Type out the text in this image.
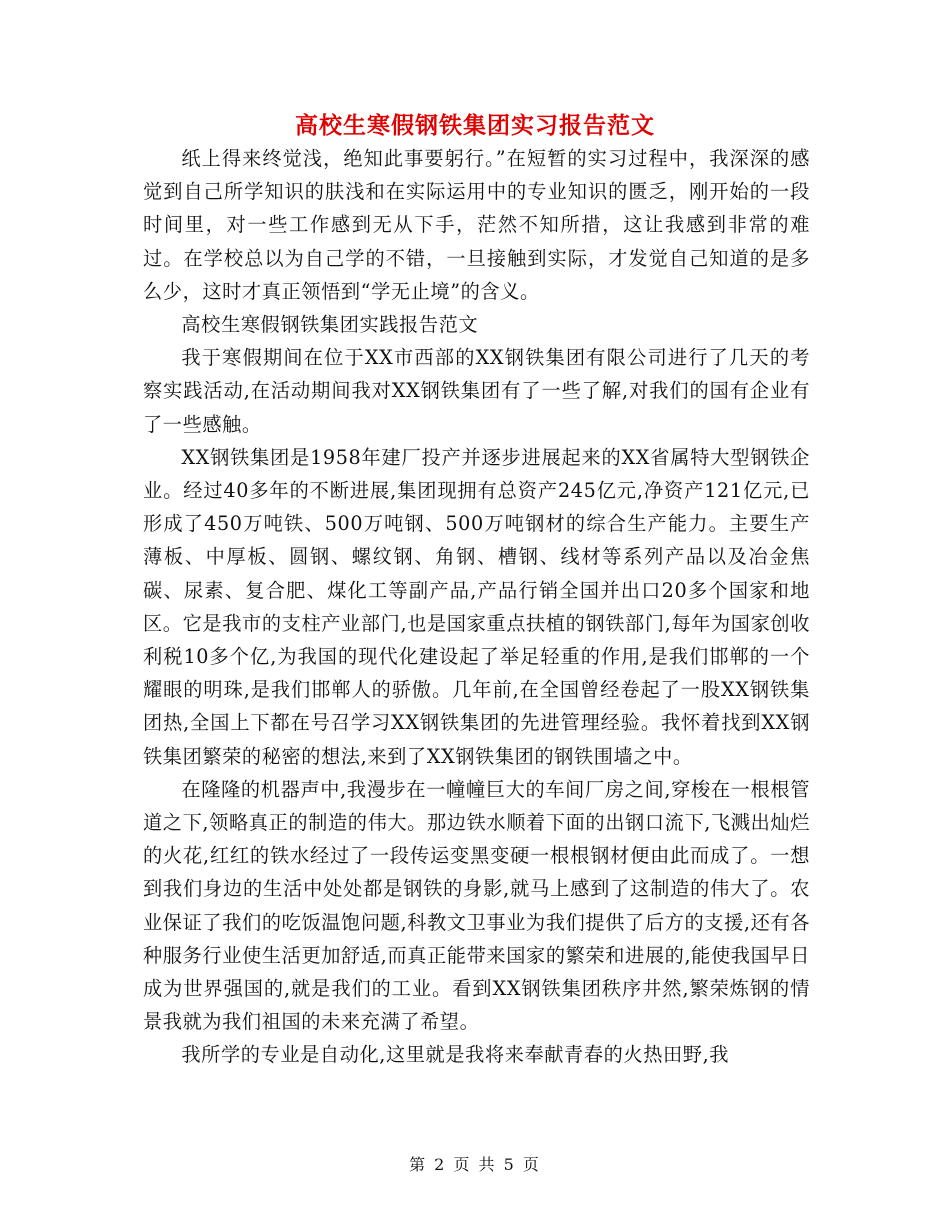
高校生寒假钢铁集团实习报告范文

纸上得来终觉浅，绝知此事要躬行。”在短暂的实习过程中，我深深的感觉到自己所学知识的肤浅和在实际运用中的专业知识的匮乏，刚开始的一段时间里，对一些工作感到无从下手，茫然不知所措，这让我感到非常的难过。在学校总以为自己学的不错，一旦接触到实际，才发觉自己知道的是多么少，这时才真正领悟到“学无止境”的含义。

高校生寒假钢铁集团实践报告范文

我于寒假期间在位于XX市西部的XX钢铁集团有限公司进行了几天的考察实践活动,在活动期间我对XX钢铁集团有了一些了解,对我们的国有企业有了一些感触。

XX钢铁集团是1958年建厂投产并逐步进展起来的XX省属特大型钢铁企业。经过40多年的不断进展,集团现拥有总资产245亿元,净资产121亿元,已形成了450万吨铁、500万吨钢、500万吨钢材的综合生产能力。主要生产薄板、中厚板、圆钢、螺纹钢、角钢、槽钢、线材等系列产品以及冶金焦碳、尿素、复合肥、煤化工等副产品,产品行销全国并出口20多个国家和地区。它是我市的支柱产业部门,也是国家重点扶植的钢铁部门,每年为国家创收利税10多个亿,为我国的现代化建设起了举足轻重的作用,是我们邯郸的一个耀眼的明珠,是我们邯郸人的骄傲。几年前,在全国曾经卷起了一股XX钢铁集团热,全国上下都在号召学习XX钢铁集团的先进管理经验。我怀着找到XX钢铁集团繁荣的秘密的想法,来到了XX钢铁集团的钢铁围墙之中。

在隆隆的机器声中,我漫步在一幢幢巨大的车间厂房之间,穿梭在一根根管道之下,领略真正的制造的伟大。那边铁水顺着下面的出钢口流下,飞溅出灿烂的火花,红红的铁水经过了一段传运变黑变硬一根根钢材便由此而成了。一想到我们身边的生活中处处都是钢铁的身影,就马上感到了这制造的伟大了。农业保证了我们的吃饭温饱问题,科教文卫事业为我们提供了后方的支援,还有各种服务行业使生活更加舒适,而真正能带来国家的繁荣和进展的,能使我国早日成为世界强国的,就是我们的工业。看到XX钢铁集团秩序井然,繁荣炼钢的情景我就为我们祖国的未来充满了希望。

我所学的专业是自动化,这里就是我将来奉献青春的火热田野,我

第 2 页 共 5 页
